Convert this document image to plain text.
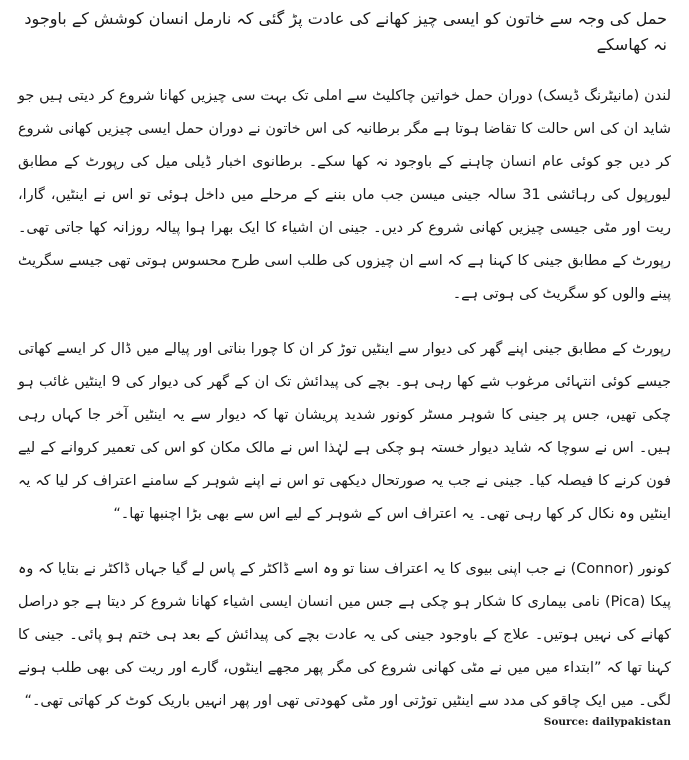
حمل کی وجہ سے خاتون کو ایسی چیز کھانے کی عادت پڑ گئی کہ نارمل انسان کوشش کے باوجود نہ کھاسکے

لندن (مانیٹرنگ ڈیسک) دوران حمل خواتین چاکلیٹ سے املی تک بہت سی چیزیں کھانا شروع کر دیتی ہیں جو شاید ان کی اس حالت کا تقاضا ہوتا ہے مگر برطانیہ کی اس خاتون نے دوران حمل ایسی چیزیں کھانی شروع کر دیں جو کوئی عام انسان چاہنے کے باوجود نہ کھا سکے۔ برطانوی اخبار ڈیلی میل کی رپورٹ کے مطابق لیورپول کی رہائشی 31 سالہ جینی میسن جب ماں بننے کے مرحلے میں داخل ہوئی تو اس نے اینٹیں، گارا، ریت اور مٹی جیسی چیزیں کھانی شروع کر دیں۔ جینی ان اشیاء کا ایک بھرا ہوا پیالہ روزانہ کھا جاتی تھی۔ رپورٹ کے مطابق جینی کا کہنا ہے کہ اسے ان چیزوں کی طلب اسی طرح محسوس ہوتی تھی جیسے سگریٹ پینے والوں کو سگریٹ کی ہوتی ہے۔

رپورٹ کے مطابق جینی اپنے گھر کی دیوار سے اینٹیں توڑ کر ان کا چورا بناتی اور پیالے میں ڈال کر ایسے کھاتی جیسے کوئی انتہائی مرغوب شے کھا رہی ہو۔ بچے کی پیدائش تک ان کے گھر کی دیوار کی 9 اینٹیں غائب ہو چکی تھیں، جس پر جینی کا شوہر مسٹر کونور شدید پریشان تھا کہ دیوار سے یہ اینٹیں آخر جا کہاں رہی ہیں۔ اس نے سوچا کہ شاید دیوار خستہ ہو چکی ہے لہٰذا اس نے مالک مکان کو اس کی تعمیر کروانے کے لیے فون کرنے کا فیصلہ کیا۔ جینی نے جب یہ صورتحال دیکھی تو اس نے اپنے شوہر کے سامنے اعتراف کر لیا کہ یہ اینٹیں وہ نکال کر کھا رہی تھی۔ یہ اعتراف اس کے شوہر کے لیے اس سے بھی بڑا اچنبھا تھا۔“

کونور (Connor) نے جب اپنی بیوی کا یہ اعتراف سنا تو وہ اسے ڈاکٹر کے پاس لے گیا جہاں ڈاکٹر نے بتایا کہ وہ پیکا (Pica) نامی بیماری کا شکار ہو چکی ہے جس میں انسان ایسی اشیاء کھانا شروع کر دیتا ہے جو دراصل کھانے کی نہیں ہوتیں۔ علاج کے باوجود جینی کی یہ عادت بچے کی پیدائش کے بعد ہی ختم ہو پائی۔ جینی کا کہنا تھا کہ ”ابتداء میں میں نے مٹی کھانی شروع کی مگر پھر مجھے اینٹوں، گارے اور ریت کی بھی طلب ہونے لگی۔ میں ایک چاقو کی مدد سے اینٹیں توڑتی اور مٹی کھودتی تھی اور پھر انہیں باریک کوٹ کر کھاتی تھی۔“

Source: dailypakistan
